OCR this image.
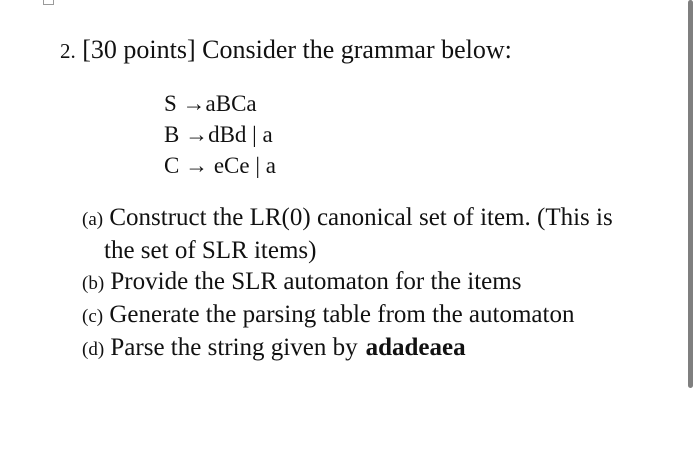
2. [30 points] Consider the grammar below:
S →aBCa
B →dBd | a
C → eCe | a
(a) Construct the LR(0) canonical set of item. (This is
the set of SLR items)
(b) Provide the SLR automaton for the items
(c) Generate the parsing table from the automaton
(d) Parse the string given by adadeaea
